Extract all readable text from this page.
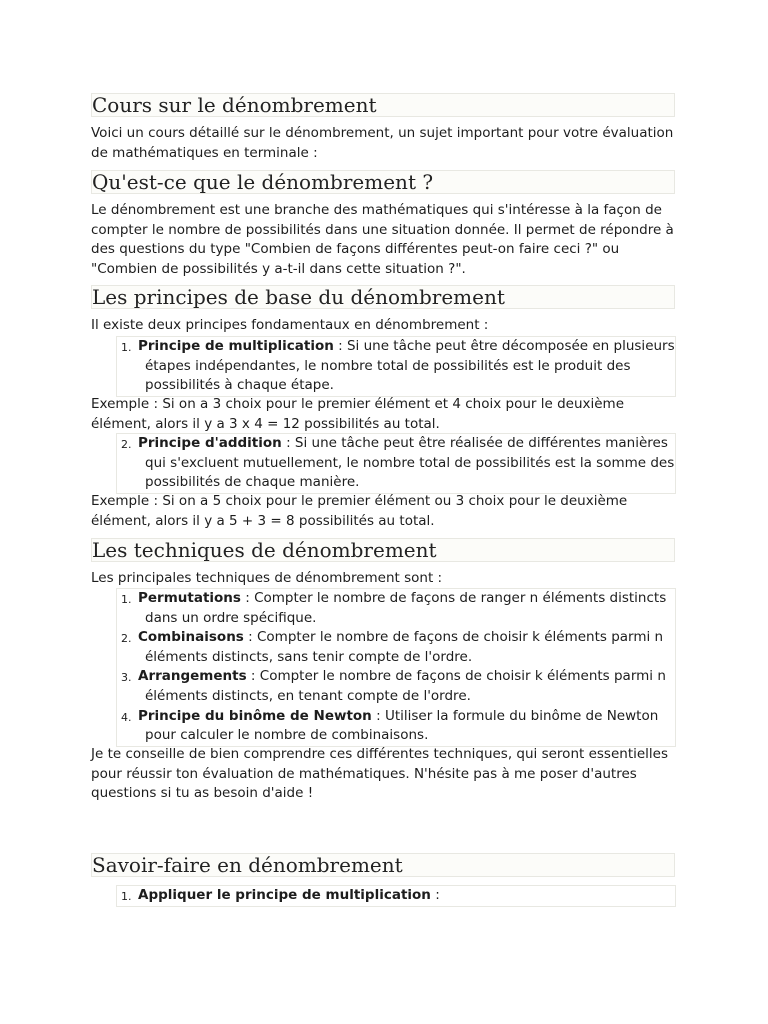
Cours sur le dénombrement

Voici un cours détaillé sur le dénombrement, un sujet important pour votre évaluation de mathématiques en terminale :

Qu'est-ce que le dénombrement ?

Le dénombrement est une branche des mathématiques qui s'intéresse à la façon de compter le nombre de possibilités dans une situation donnée. Il permet de répondre à des questions du type "Combien de façons différentes peut-on faire ceci ?" ou "Combien de possibilités y a-t-il dans cette situation ?".

Les principes de base du dénombrement

Il existe deux principes fondamentaux en dénombrement :

1. Principe de multiplication : Si une tâche peut être décomposée en plusieurs étapes indépendantes, le nombre total de possibilités est le produit des possibilités à chaque étape.

Exemple : Si on a 3 choix pour le premier élément et 4 choix pour le deuxième élément, alors il y a 3 x 4 = 12 possibilités au total.

2. Principe d'addition : Si une tâche peut être réalisée de différentes manières qui s'excluent mutuellement, le nombre total de possibilités est la somme des possibilités de chaque manière.

Exemple : Si on a 5 choix pour le premier élément ou 3 choix pour le deuxième élément, alors il y a 5 + 3 = 8 possibilités au total.

Les techniques de dénombrement

Les principales techniques de dénombrement sont :

1. Permutations : Compter le nombre de façons de ranger n éléments distincts dans un ordre spécifique.
2. Combinaisons : Compter le nombre de façons de choisir k éléments parmi n éléments distincts, sans tenir compte de l'ordre.
3. Arrangements : Compter le nombre de façons de choisir k éléments parmi n éléments distincts, en tenant compte de l'ordre.
4. Principe du binôme de Newton : Utiliser la formule du binôme de Newton pour calculer le nombre de combinaisons.

Je te conseille de bien comprendre ces différentes techniques, qui seront essentielles pour réussir ton évaluation de mathématiques. N'hésite pas à me poser d'autres questions si tu as besoin d'aide !

Savoir-faire en dénombrement
1. Appliquer le principe de multiplication :
